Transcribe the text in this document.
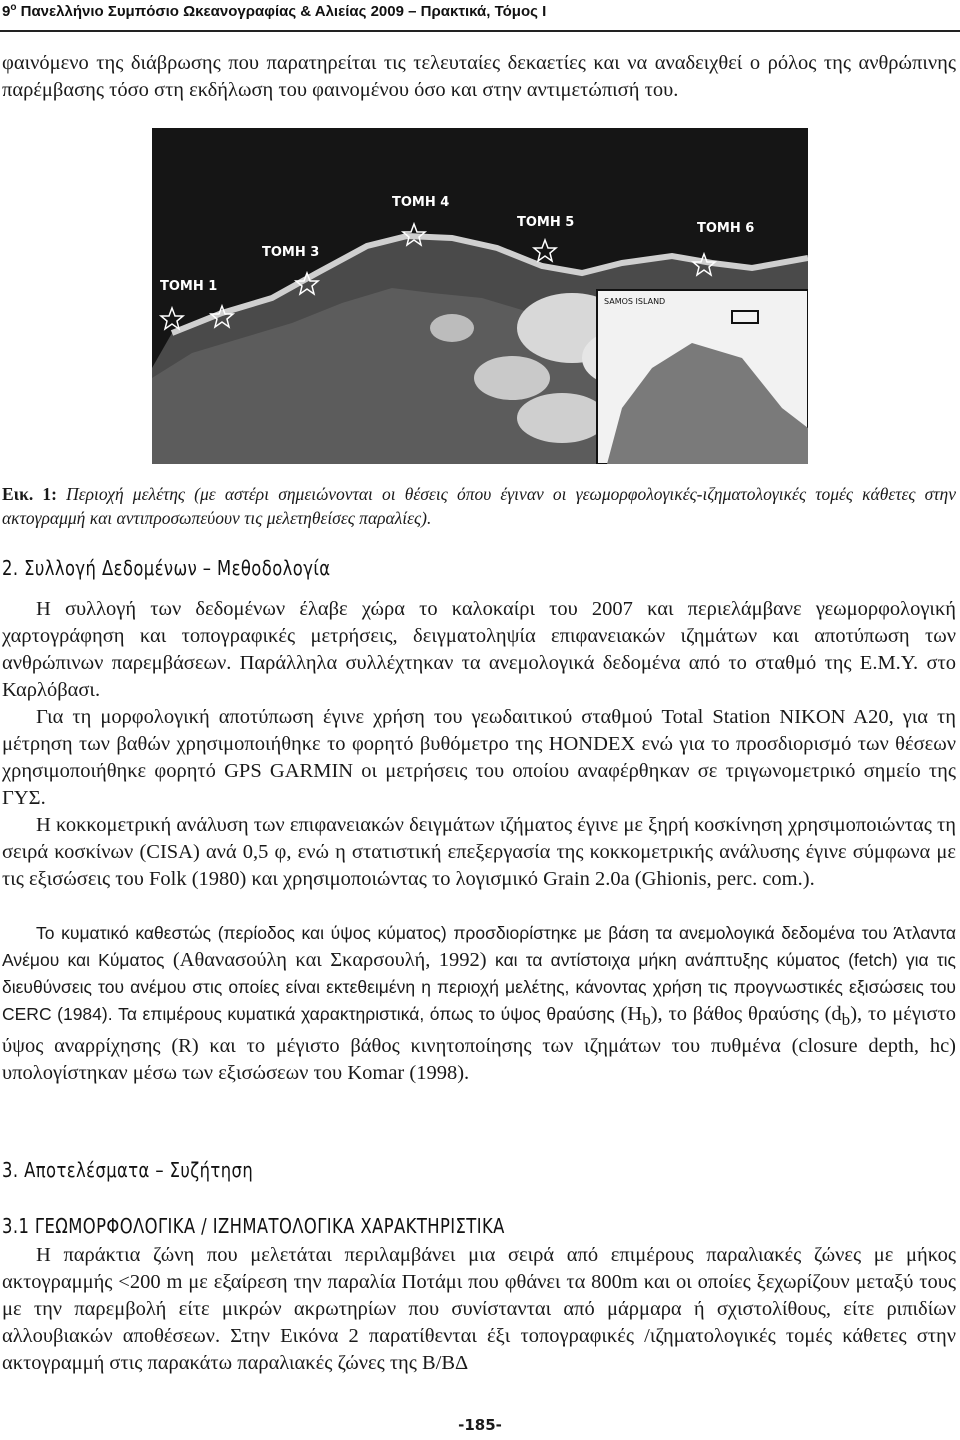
$9^o$ Πανελλήνιο Συμπόσιο Ωκεανογραφίας & Αλιείας 2009 – Πρακτικά, Τόμος Ι
φαινόμενο της διάβρωσης που παρατηρείται τις τελευταίες δεκαετίες και να αναδειχθεί ο ρόλος της ανθρώπινης παρέμβασης τόσο στη εκδήλωση του φαινομένου όσο και στην αντιμετώπισή του.
SAMOS ISLAND
ΤΟΜΗ 1
ΤΟΜΗ 3
ΤΟΜΗ 4
ΤΟΜΗ 5	ΤΟΜΗ 6
Εικ. 1: Περιοχή μελέτης (με αστέρι σημειώνονται οι θέσεις όπου έγιναν οι γεωμορφολογικές-ιζηματολογικές τομές κάθετες στην ακτογραμμή και αντιπροσωπεύουν τις μελετηθείσες παραλίες).
2. Συλλογή Δεδομένων – Μεθοδολογία
Η συλλογή των δεδομένων έλαβε χώρα το καλοκαίρι του 2007 και περιελάμβανε γεωμορφολογική χαρτογράφηση και τοπογραφικές μετρήσεις, δειγματοληψία επιφανειακών ιζημάτων και αποτύπωση των ανθρώπινων παρεμβάσεων. Παράλληλα συλλέχτηκαν τα ανεμολογικά δεδομένα από το σταθμό της Ε.Μ.Υ. στο Καρλόβασι.
Για τη μορφολογική αποτύπωση έγινε χρήση του γεωδαιτικού σταθμού Total Station NIKON A20, για τη μέτρηση των βαθών χρησιμοποιήθηκε το φορητό βυθόμετρο της HONDEX ενώ για το προσδιορισμό των θέσεων χρησιμοποιήθηκε φορητό GPS GARMIN οι μετρήσεις του οποίου αναφέρθηκαν σε τριγωνομετρικό σημείο της ΓΥΣ.
Η κοκκομετρική ανάλυση των επιφανειακών δειγμάτων ιζήματος έγινε με ξηρή κοσκίνηση χρησιμοποιώντας τη σειρά κοσκίνων (CISA) ανά 0,5 φ, ενώ η στατιστική επεξεργασία της κοκκομετρικής ανάλυσης έγινε σύμφωνα με τις εξισώσεις του Folk (1980) και χρησιμοποιώντας το λογισμικό Grain 2.0a (Ghionis, perc. com.).
Το κυματικό καθεστώς (περίοδος και ύψος κύματος) προσδιορίστηκε με βάση τα ανεμολογικά δεδομένα του Άτλαντα Ανέμου και Κύματος (Αθανασούλη και Σκαρσουλή, 1992) και τα αντίστοιχα μήκη ανάπτυξης κύματος (fetch) για τις διευθύνσεις του ανέμου στις οποίες είναι εκτεθειμένη η περιοχή μελέτης, κάνοντας χρήση τις προγνωστικές εξισώσεις του CERC (1984). Τα επιμέρους κυματικά χαρακτηριστικά, όπως το ύψος θραύσης $(H_b)$, το βάθος θραύσης $(d_b)$, το μέγιστο ύψος αναρρίχησης (R) και το μέγιστο βάθος κινητοποίησης των ιζημάτων του πυθμένα (closure depth, hc) υπολογίστηκαν μέσω των εξισώσεων του Komar (1998).
3. Αποτελέσματα – Συζήτηση
3.1 ΓΕΩΜΟΡΦΟΛΟΓΙΚΑ / ΙΖΗΜΑΤΟΛΟΓΙΚΑ ΧΑΡΑΚΤΗΡΙΣΤΙΚΑ
Η παράκτια ζώνη που μελετάται περιλαμβάνει μια σειρά από επιμέρους παραλιακές ζώνες με μήκος ακτογραμμής <200 m με εξαίρεση την παραλία Ποτάμι που φθάνει τα 800m και οι οποίες ξεχωρίζουν μεταξύ τους με την παρεμβολή είτε μικρών ακρωτηρίων που συνίστανται από μάρμαρα ή σχιστολίθους, είτε ριπιδίων αλλουβιακών αποθέσεων. Στην Εικόνα 2 παρατίθενται έξι τοπογραφικές /ιζηματολογικές τομές κάθετες στην ακτογραμμή στις παρακάτω παραλιακές ζώνες της Β/ΒΔ
-185-
